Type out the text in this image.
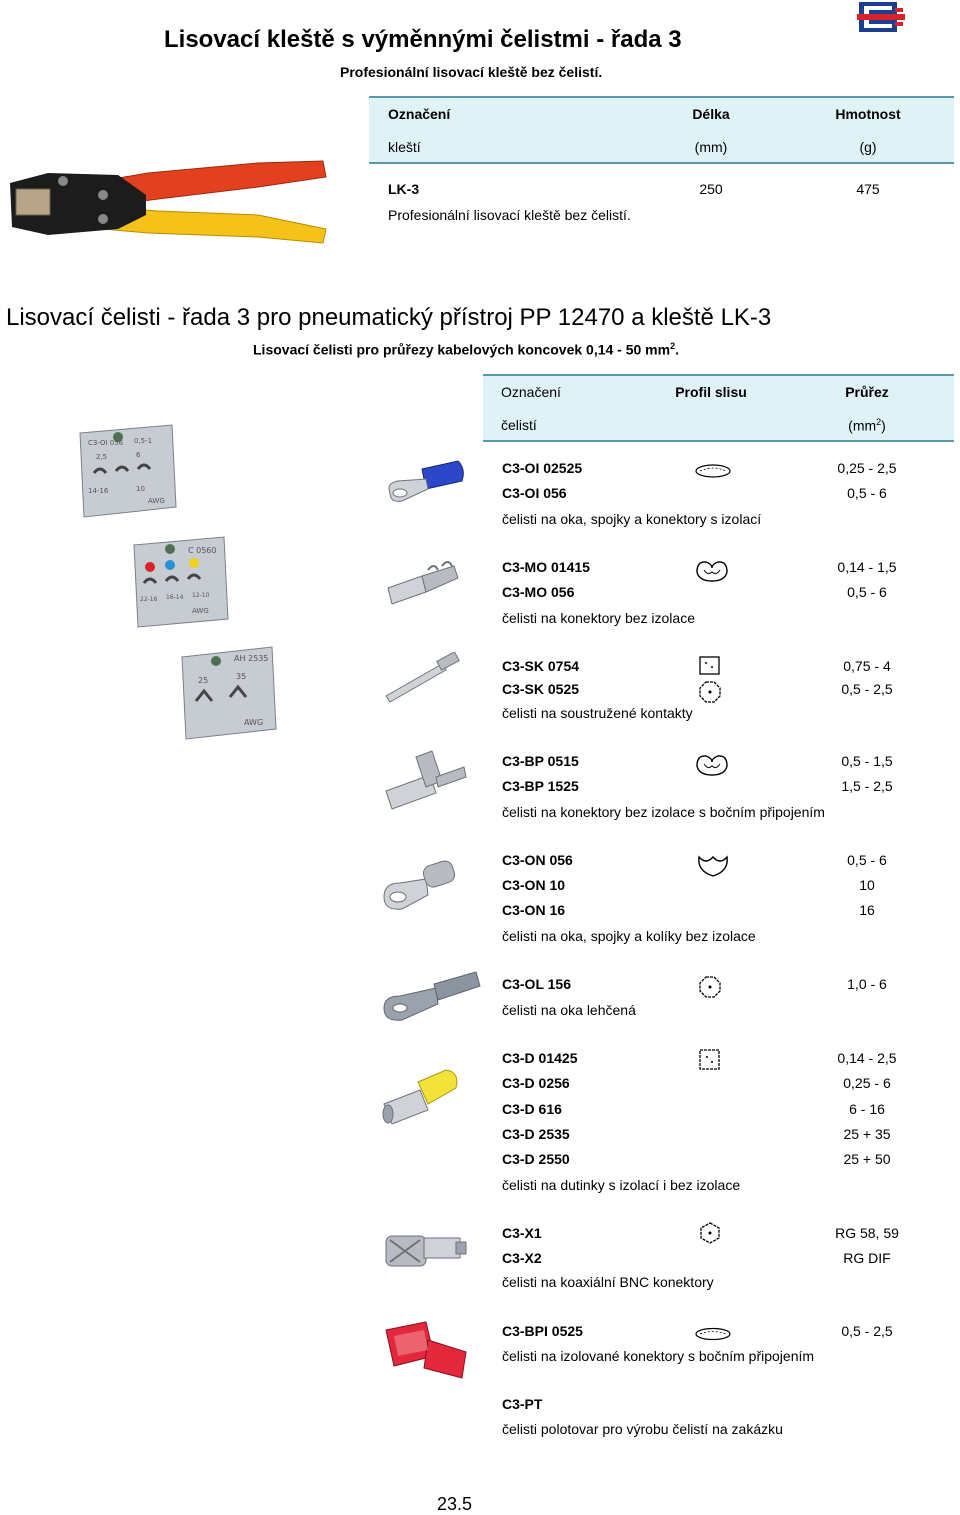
Lisovací kleště s výměnnými čelistmi - řada 3
Profesionální lisovací kleště bez čelistí.
Označení
kleští
Délka
(mm)
Hmotnost
(g)
LK-3	250	475
Profesionální lisovací kleště bez čelistí.
Lisovací čelisti - řada 3 pro pneumatický přístroj PP 12470 a kleště LK-3
Lisovací čelisti pro průřezy kabelových koncovek 0,14 - 50 $mm^2$.
Označení
čelistí
Profil slisu	Průřez
$(mm^2)$
C3-OI 02525	0,25 - 2,5
C3-OI 056	0,5 - 6
čelisti na oka, spojky a konektory s izolací
C3-MO 01415	0,14 - 1,5
C3-MO 056	0,5 - 6
čelisti na konektory bez izolace
C3-SK 0754	0,75 - 4
C3-SK 0525	0,5 - 2,5
čelisti na soustružené kontakty
C3-BP 0515	0,5 - 1,5
C3-BP 1525	1,5 - 2,5
čelisti na konektory bez izolace s bočním připojením
C3-ON 056	0,5 - 6
C3-ON 10	10
C3-ON 16	16
čelisti na oka, spojky a kolíky bez izolace
C3-OL 156	1,0 - 6
čelisti na oka lehčená
C3-D 01425	0,14 - 2,5
C3-D 0256	0,25 - 6
C3-D 616	6 - 16
C3-D 2535	25 + 35
C3-D 2550	25 + 50
čelisti na dutinky s izolací i bez izolace
C3-X1	RG 58, 59
C3-X2	RG DIF
čelisti na koaxiální BNC konektory
C3-BPI 0525	0,5 - 2,5
čelisti na izolované konektory s bočním připojením
C3-PT
čelisti polotovar pro výrobu čelistí na zakázku
C3-OI 056 0,5-1
2,5	6
14-16	10
AWG
C 0560
22-16 16-14 12-10
AWG
AH 2535
25	35
AWG
23.5
